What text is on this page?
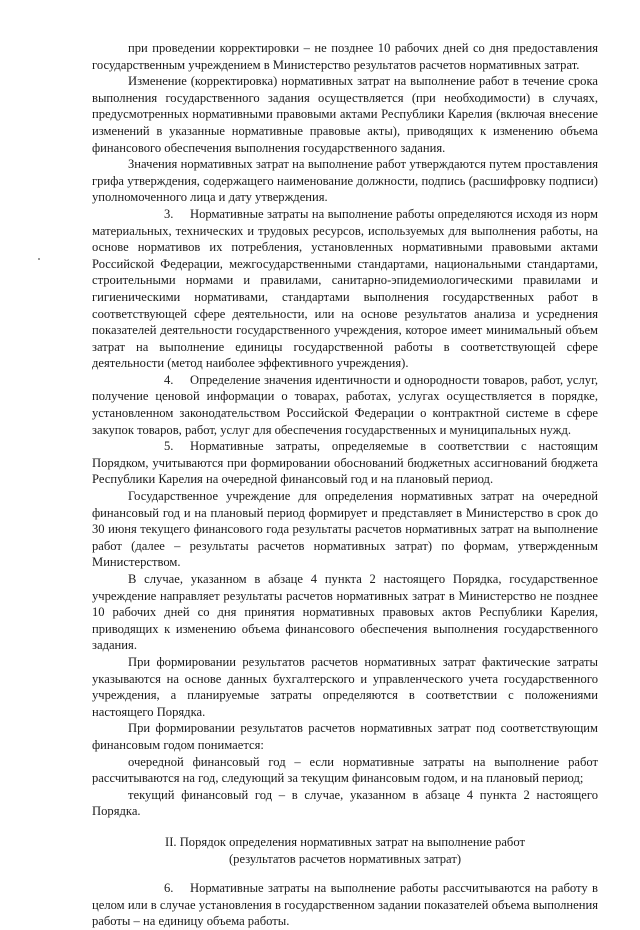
при проведении корректировки – не позднее 10 рабочих дней со дня предоставления государственным учреждением в Министерство результатов расчетов нормативных затрат.

Изменение (корректировка) нормативных затрат на выполнение работ в течение срока выполнения государственного задания осуществляется (при необходимости) в случаях, предусмотренных нормативными правовыми актами Республики Карелия (включая внесение изменений в указанные нормативные правовые акты), приводящих к изменению объема финансового обеспечения выполнения государственного задания.

Значения нормативных затрат на выполнение работ утверждаются путем проставления грифа утверждения, содержащего наименование должности, подпись (расшифровку подписи) уполномоченного лица и дату утверждения.

3. Нормативные затраты на выполнение работы определяются исходя из норм материальных, технических и трудовых ресурсов, используемых для выполнения работы, на основе нормативов их потребления, установленных нормативными правовыми актами Российской Федерации, межгосударственными стандартами, национальными стандартами, строительными нормами и правилами, санитарно-эпидемиологическими правилами и гигиеническими нормативами, стандартами выполнения государственных работ в соответствующей сфере деятельности, или на основе результатов анализа и усреднения показателей деятельности государственного учреждения, которое имеет минимальный объем затрат на выполнение единицы государственной работы в соответствующей сфере деятельности (метод наиболее эффективного учреждения).

4. Определение значения идентичности и однородности товаров, работ, услуг, получение ценовой информации о товарах, работах, услугах осуществляется в порядке, установленном законодательством Российской Федерации о контрактной системе в сфере закупок товаров, работ, услуг для обеспечения государственных и муниципальных нужд.

5. Нормативные затраты, определяемые в соответствии с настоящим Порядком, учитываются при формировании обоснований бюджетных ассигнований бюджета Республики Карелия на очередной финансовый год и на плановый период.

Государственное учреждение для определения нормативных затрат на очередной финансовый год и на плановый период формирует и представляет в Министерство в срок до 30 июня текущего финансового года результаты расчетов нормативных затрат на выполнение работ (далее – результаты расчетов нормативных затрат) по формам, утвержденным Министерством.

В случае, указанном в абзаце 4 пункта 2 настоящего Порядка, государственное учреждение направляет результаты расчетов нормативных затрат в Министерство не позднее 10 рабочих дней со дня принятия нормативных правовых актов Республики Карелия, приводящих к изменению объема финансового обеспечения выполнения государственного задания.

При формировании результатов расчетов нормативных затрат фактические затраты указываются на основе данных бухгалтерского и управленческого учета государственного учреждения, а планируемые затраты определяются в соответствии с положениями настоящего Порядка.

При формировании результатов расчетов нормативных затрат под соответствующим финансовым годом понимается:

очередной финансовый год – если нормативные затраты на выполнение работ рассчитываются на год, следующий за текущим финансовым годом, и на плановый период;

текущий финансовый год – в случае, указанном в абзаце 4 пункта 2 настоящего Порядка.

II. Порядок определения нормативных затрат на выполнение работ
(результатов расчетов нормативных затрат)

6. Нормативные затраты на выполнение работы рассчитываются на работу в целом или в случае установления в государственном задании показателей объема выполнения работы – на единицу объема работы.
